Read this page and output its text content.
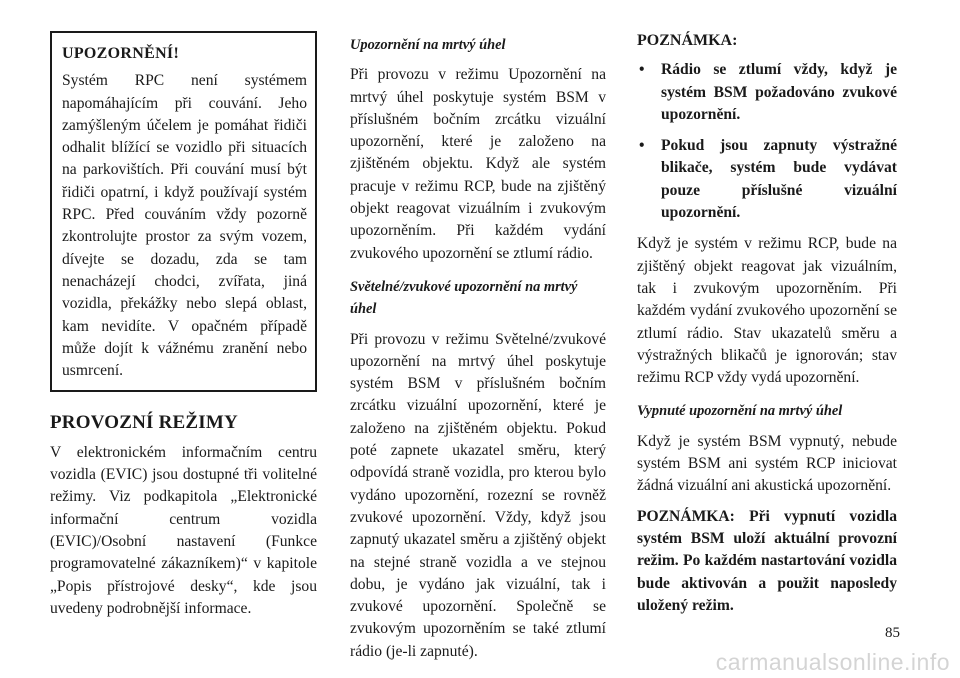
UPOZORNĚNÍ!

Systém RPC není systémem napomáhajícím při couvání. Jeho zamýšleným účelem je pomáhat řidiči odhalit blížící se vozidlo při situacích na parkovištích. Při couvání musí být řidiči opatrní, i když používají systém RPC. Před couváním vždy pozorně zkontrolujte prostor za svým vozem, dívejte se dozadu, zda se tam nenacházejí chodci, zvířata, jiná vozidla, překážky nebo slepá oblast, kam nevidíte. V opačném případě může dojít k vážnému zranění nebo usmrcení.

PROVOZNÍ REŽIMY

V elektronickém informačním centru vozidla (EVIC) jsou dostupné tři volitelné režimy. Viz podkapitola „Elektronické informační centrum vozidla (EVIC)/Osobní nastavení (Funkce programovatelné zákazníkem)“ v kapitole „Popis přístrojové desky“, kde jsou uvedeny podrobnější informace.

Upozornění na mrtvý úhel

Při provozu v režimu Upozornění na mrtvý úhel poskytuje systém BSM v příslušném bočním zrcátku vizuální upozornění, které je založeno na zjištěném objektu. Když ale systém pracuje v režimu RCP, bude na zjištěný objekt reagovat vizuálním i zvukovým upozorněním. Při každém vydání zvukového upozornění se ztlumí rádio.

Světelné/zvukové upozornění na mrtvý úhel

Při provozu v režimu Světelné/zvukové upozornění na mrtvý úhel poskytuje systém BSM v příslušném bočním zrcátku vizuální upozornění, které je založeno na zjištěném objektu. Pokud poté zapnete ukazatel směru, který odpovídá straně vozidla, pro kterou bylo vydáno upozornění, rozezní se rovněž zvukové upozornění. Vždy, když jsou zapnutý ukazatel směru a zjištěný objekt na stejné straně vozidla a ve stejnou dobu, je vydáno jak vizuální, tak i zvukové upozornění. Společně se zvukovým upozorněním se také ztlumí rádio (je-li zapnuté).

POZNÁMKA:
• Rádio se ztlumí vždy, když je systém BSM požadováno zvukové upozornění.
• Pokud jsou zapnuty výstražné blikače, systém bude vydávat pouze příslušné vizuální upozornění.

Když je systém v režimu RCP, bude na zjištěný objekt reagovat jak vizuálním, tak i zvukovým upozorněním. Při každém vydání zvukového upozornění se ztlumí rádio. Stav ukazatelů směru a výstražných blikačů je ignorován; stav režimu RCP vždy vydá upozornění.

Vypnuté upozornění na mrtvý úhel

Když je systém BSM vypnutý, nebude systém BSM ani systém RCP iniciovat žádná vizuální ani akustická upozornění.

POZNÁMKA: Při vypnutí vozidla systém BSM uloží aktuální provozní režim. Po každém nastartování vozidla bude aktivován a použit naposledy uložený režim.

85
carmanualsonline.info
